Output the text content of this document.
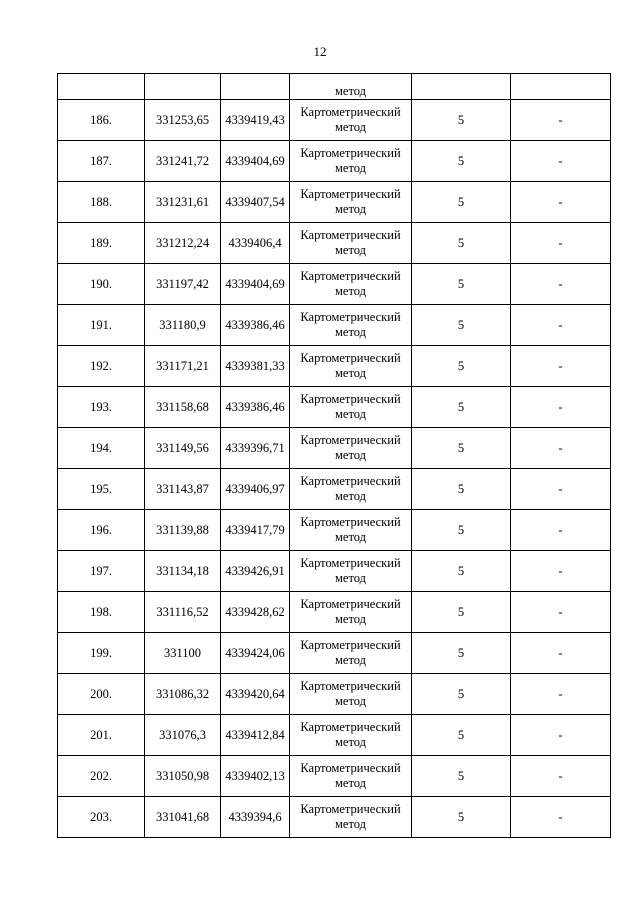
12
			метод		
186.	331253,65	4339419,43	Картометрический метод	5	-
187.	331241,72	4339404,69	Картометрический метод	5	-
188.	331231,61	4339407,54	Картометрический метод	5	-
189.	331212,24	4339406,4	Картометрический метод	5	-
190.	331197,42	4339404,69	Картометрический метод	5	-
191.	331180,9	4339386,46	Картометрический метод	5	-
192.	331171,21	4339381,33	Картометрический метод	5	-
193.	331158,68	4339386,46	Картометрический метод	5	-
194.	331149,56	4339396,71	Картометрический метод	5	-
195.	331143,87	4339406,97	Картометрический метод	5	-
196.	331139,88	4339417,79	Картометрический метод	5	-
197.	331134,18	4339426,91	Картометрический метод	5	-
198.	331116,52	4339428,62	Картометрический метод	5	-
199.	331100	4339424,06	Картометрический метод	5	-
200.	331086,32	4339420,64	Картометрический метод	5	-
201.	331076,3	4339412,84	Картометрический метод	5	-
202.	331050,98	4339402,13	Картометрический метод	5	-
203.	331041,68	4339394,6	Картометрический метод	5	-
